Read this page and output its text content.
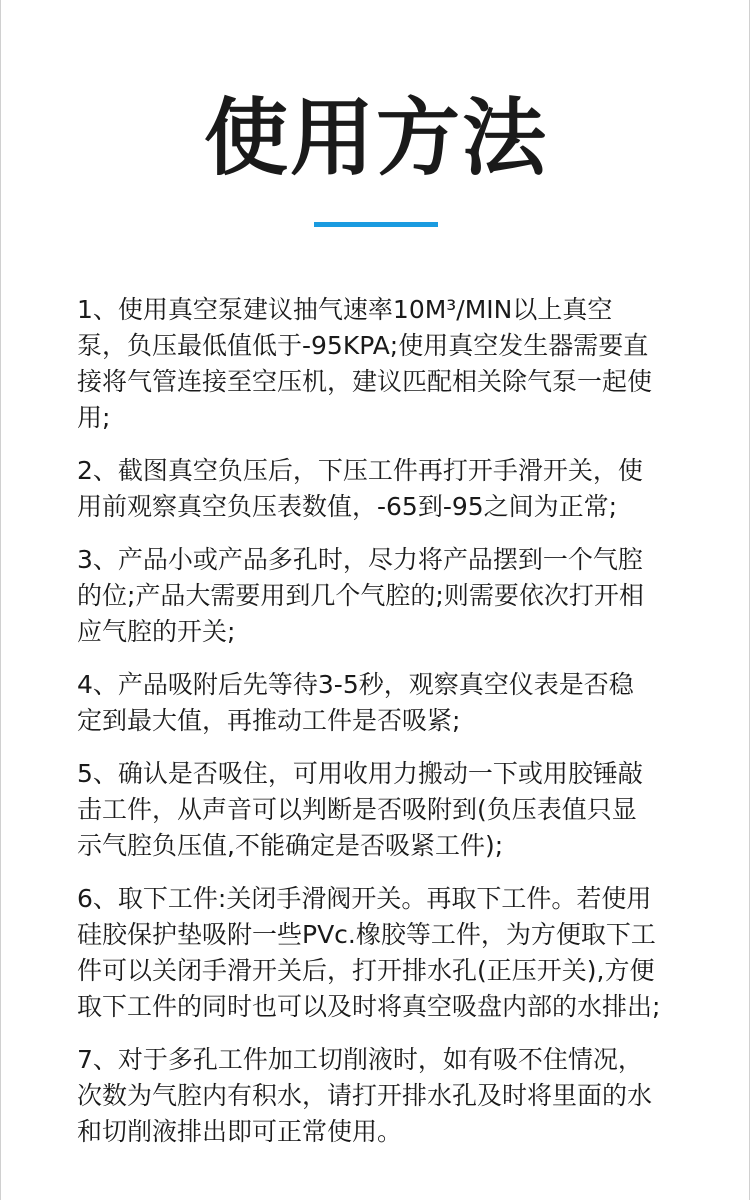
使用方法
1、使用真空泵建议抽气速率10M³/MIN以上真空
泵，负压最低值低于-95KPA;使用真空发生器需要直
接将气管连接至空压机，建议匹配相关除气泵一起使
用;
2、截图真空负压后，下压工件再打开手滑开关，使
用前观察真空负压表数值，-65到-95之间为正常;
3、产品小或产品多孔时，尽力将产品摆到一个气腔
的位;产品大需要用到几个气腔的;则需要依次打开相
应气腔的开关;
4、产品吸附后先等待3-5秒，观察真空仪表是否稳
定到最大值，再推动工件是否吸紧;
5、确认是否吸住，可用收用力搬动一下或用胶锤敲
击工件，从声音可以判断是否吸附到(负压表值只显
示气腔负压值,不能确定是否吸紧工件);
6、取下工件:关闭手滑阀开关。再取下工件。若使用
硅胶保护垫吸附一些PVc.橡胶等工件，为方便取下工
件可以关闭手滑开关后，打开排水孔(正压开关),方便
取下工件的同时也可以及时将真空吸盘内部的水排出;
7、对于多孔工件加工切削液时，如有吸不住情况，
次数为气腔内有积水，请打开排水孔及时将里面的水
和切削液排出即可正常使用。
